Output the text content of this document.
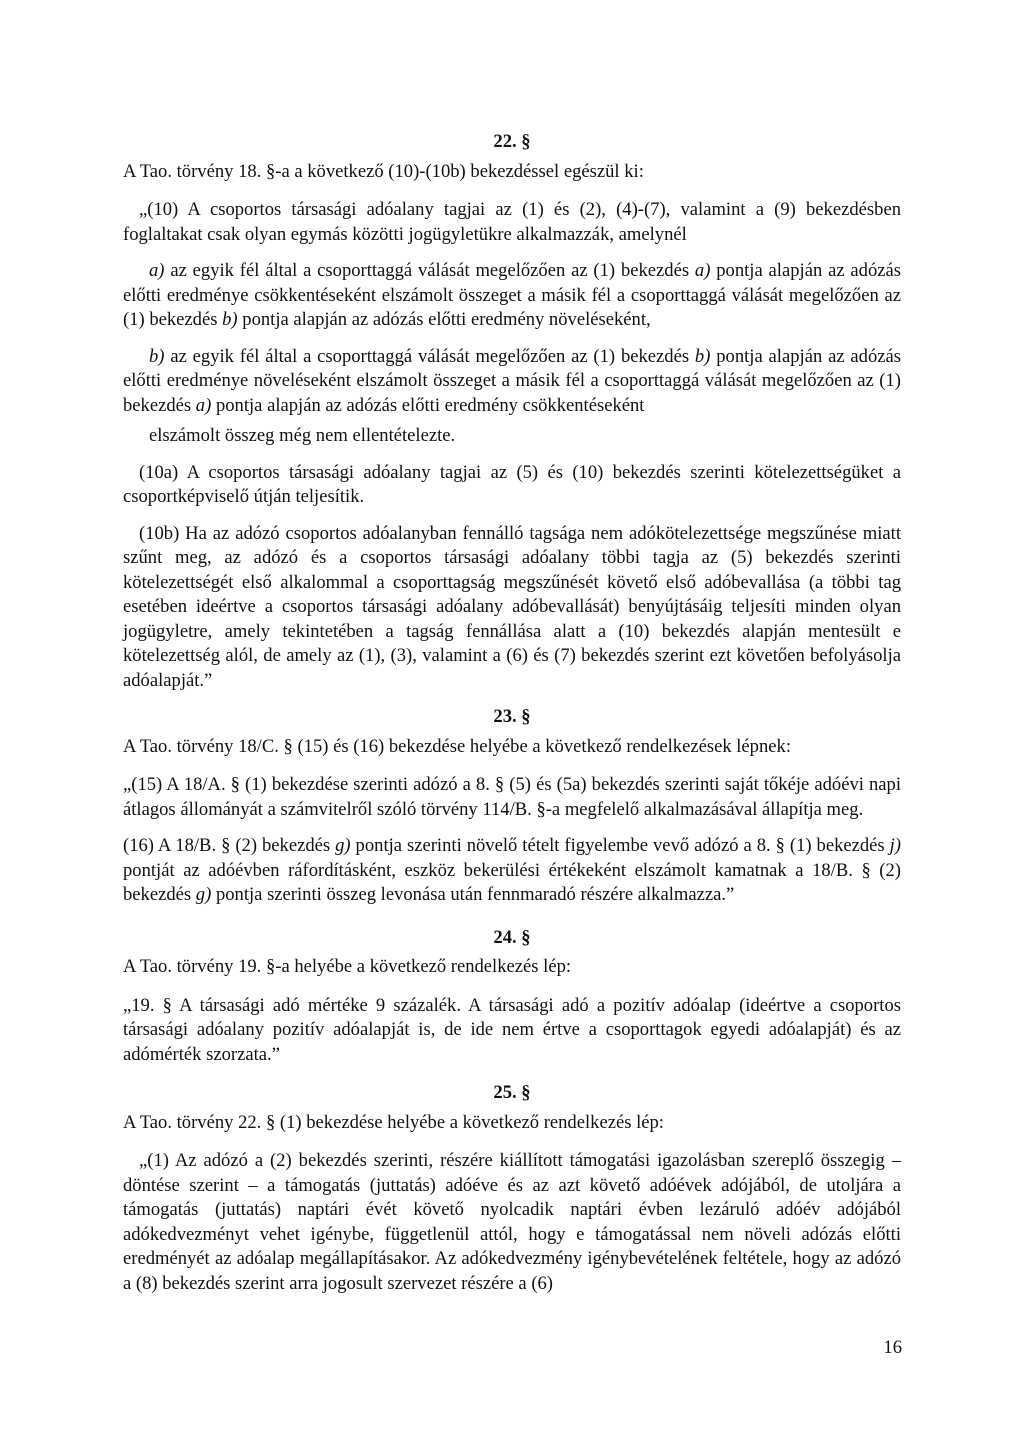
22. §

A Tao. törvény 18. §-a a következő (10)-(10b) bekezdéssel egészül ki:

„(10) A csoportos társasági adóalany tagjai az (1) és (2), (4)-(7), valamint a (9) bekezdésben foglaltakat csak olyan egymás közötti jogügyletükre alkalmazzák, amelynél

a) az egyik fél által a csoporttaggá válását megelőzően az (1) bekezdés a) pontja alapján az adózás előtti eredménye csökkentéseként elszámolt összeget a másik fél a csoporttaggá válását megelőzően az (1) bekezdés b) pontja alapján az adózás előtti eredmény növeléseként,

b) az egyik fél által a csoporttaggá válását megelőzően az (1) bekezdés b) pontja alapján az adózás előtti eredménye növeléseként elszámolt összeget a másik fél a csoporttaggá válását megelőzően az (1) bekezdés a) pontja alapján az adózás előtti eredmény csökkentéseként

elszámolt összeg még nem ellentételezte.

(10a) A csoportos társasági adóalany tagjai az (5) és (10) bekezdés szerinti kötelezettségüket a csoportképviselő útján teljesítik.

(10b) Ha az adózó csoportos adóalanyban fennálló tagsága nem adókötelezettsége megszűnése miatt szűnt meg, az adózó és a csoportos társasági adóalany többi tagja az (5) bekezdés szerinti kötelezettségét első alkalommal a csoporttagság megszűnését követő első adóbevallása (a többi tag esetében ideértve a csoportos társasági adóalany adóbevallását) benyújtásáig teljesíti minden olyan jogügyletre, amely tekintetében a tagság fennállása alatt a (10) bekezdés alapján mentesült e kötelezettség alól, de amely az (1), (3), valamint a (6) és (7) bekezdés szerint ezt követően befolyásolja adóalapját.”

23. §

A Tao. törvény 18/C. § (15) és (16) bekezdése helyébe a következő rendelkezések lépnek:

„(15) A 18/A. § (1) bekezdése szerinti adózó a 8. § (5) és (5a) bekezdés szerinti saját tőkéje adóévi napi átlagos állományát a számvitelről szóló törvény 114/B. §-a megfelelő alkalmazásával állapítja meg.

(16) A 18/B. § (2) bekezdés g) pontja szerinti növelő tételt figyelembe vevő adózó a 8. § (1) bekezdés j) pontját az adóévben ráfordításként, eszköz bekerülési értékeként elszámolt kamatnak a 18/B. § (2) bekezdés g) pontja szerinti összeg levonása után fennmaradó részére alkalmazza.”

24. §

A Tao. törvény 19. §-a helyébe a következő rendelkezés lép:

„19. § A társasági adó mértéke 9 százalék. A társasági adó a pozitív adóalap (ideértve a csoportos társasági adóalany pozitív adóalapját is, de ide nem értve a csoporttagok egyedi adóalapját) és az adómérték szorzata.”

25. §

A Tao. törvény 22. § (1) bekezdése helyébe a következő rendelkezés lép:

„(1) Az adózó a (2) bekezdés szerinti, részére kiállított támogatási igazolásban szereplő összegig – döntése szerint – a támogatás (juttatás) adóéve és az azt követő adóévek adójából, de utoljára a támogatás (juttatás) naptári évét követő nyolcadik naptári évben lezáruló adóév adójából adókedvezményt vehet igénybe, függetlenül attól, hogy e támogatással nem növeli adózás előtti eredményét az adóalap megállapításakor. Az adókedvezmény igénybevételének feltétele, hogy az adózó a (8) bekezdés szerint arra jogosult szervezet részére a (6)

16
